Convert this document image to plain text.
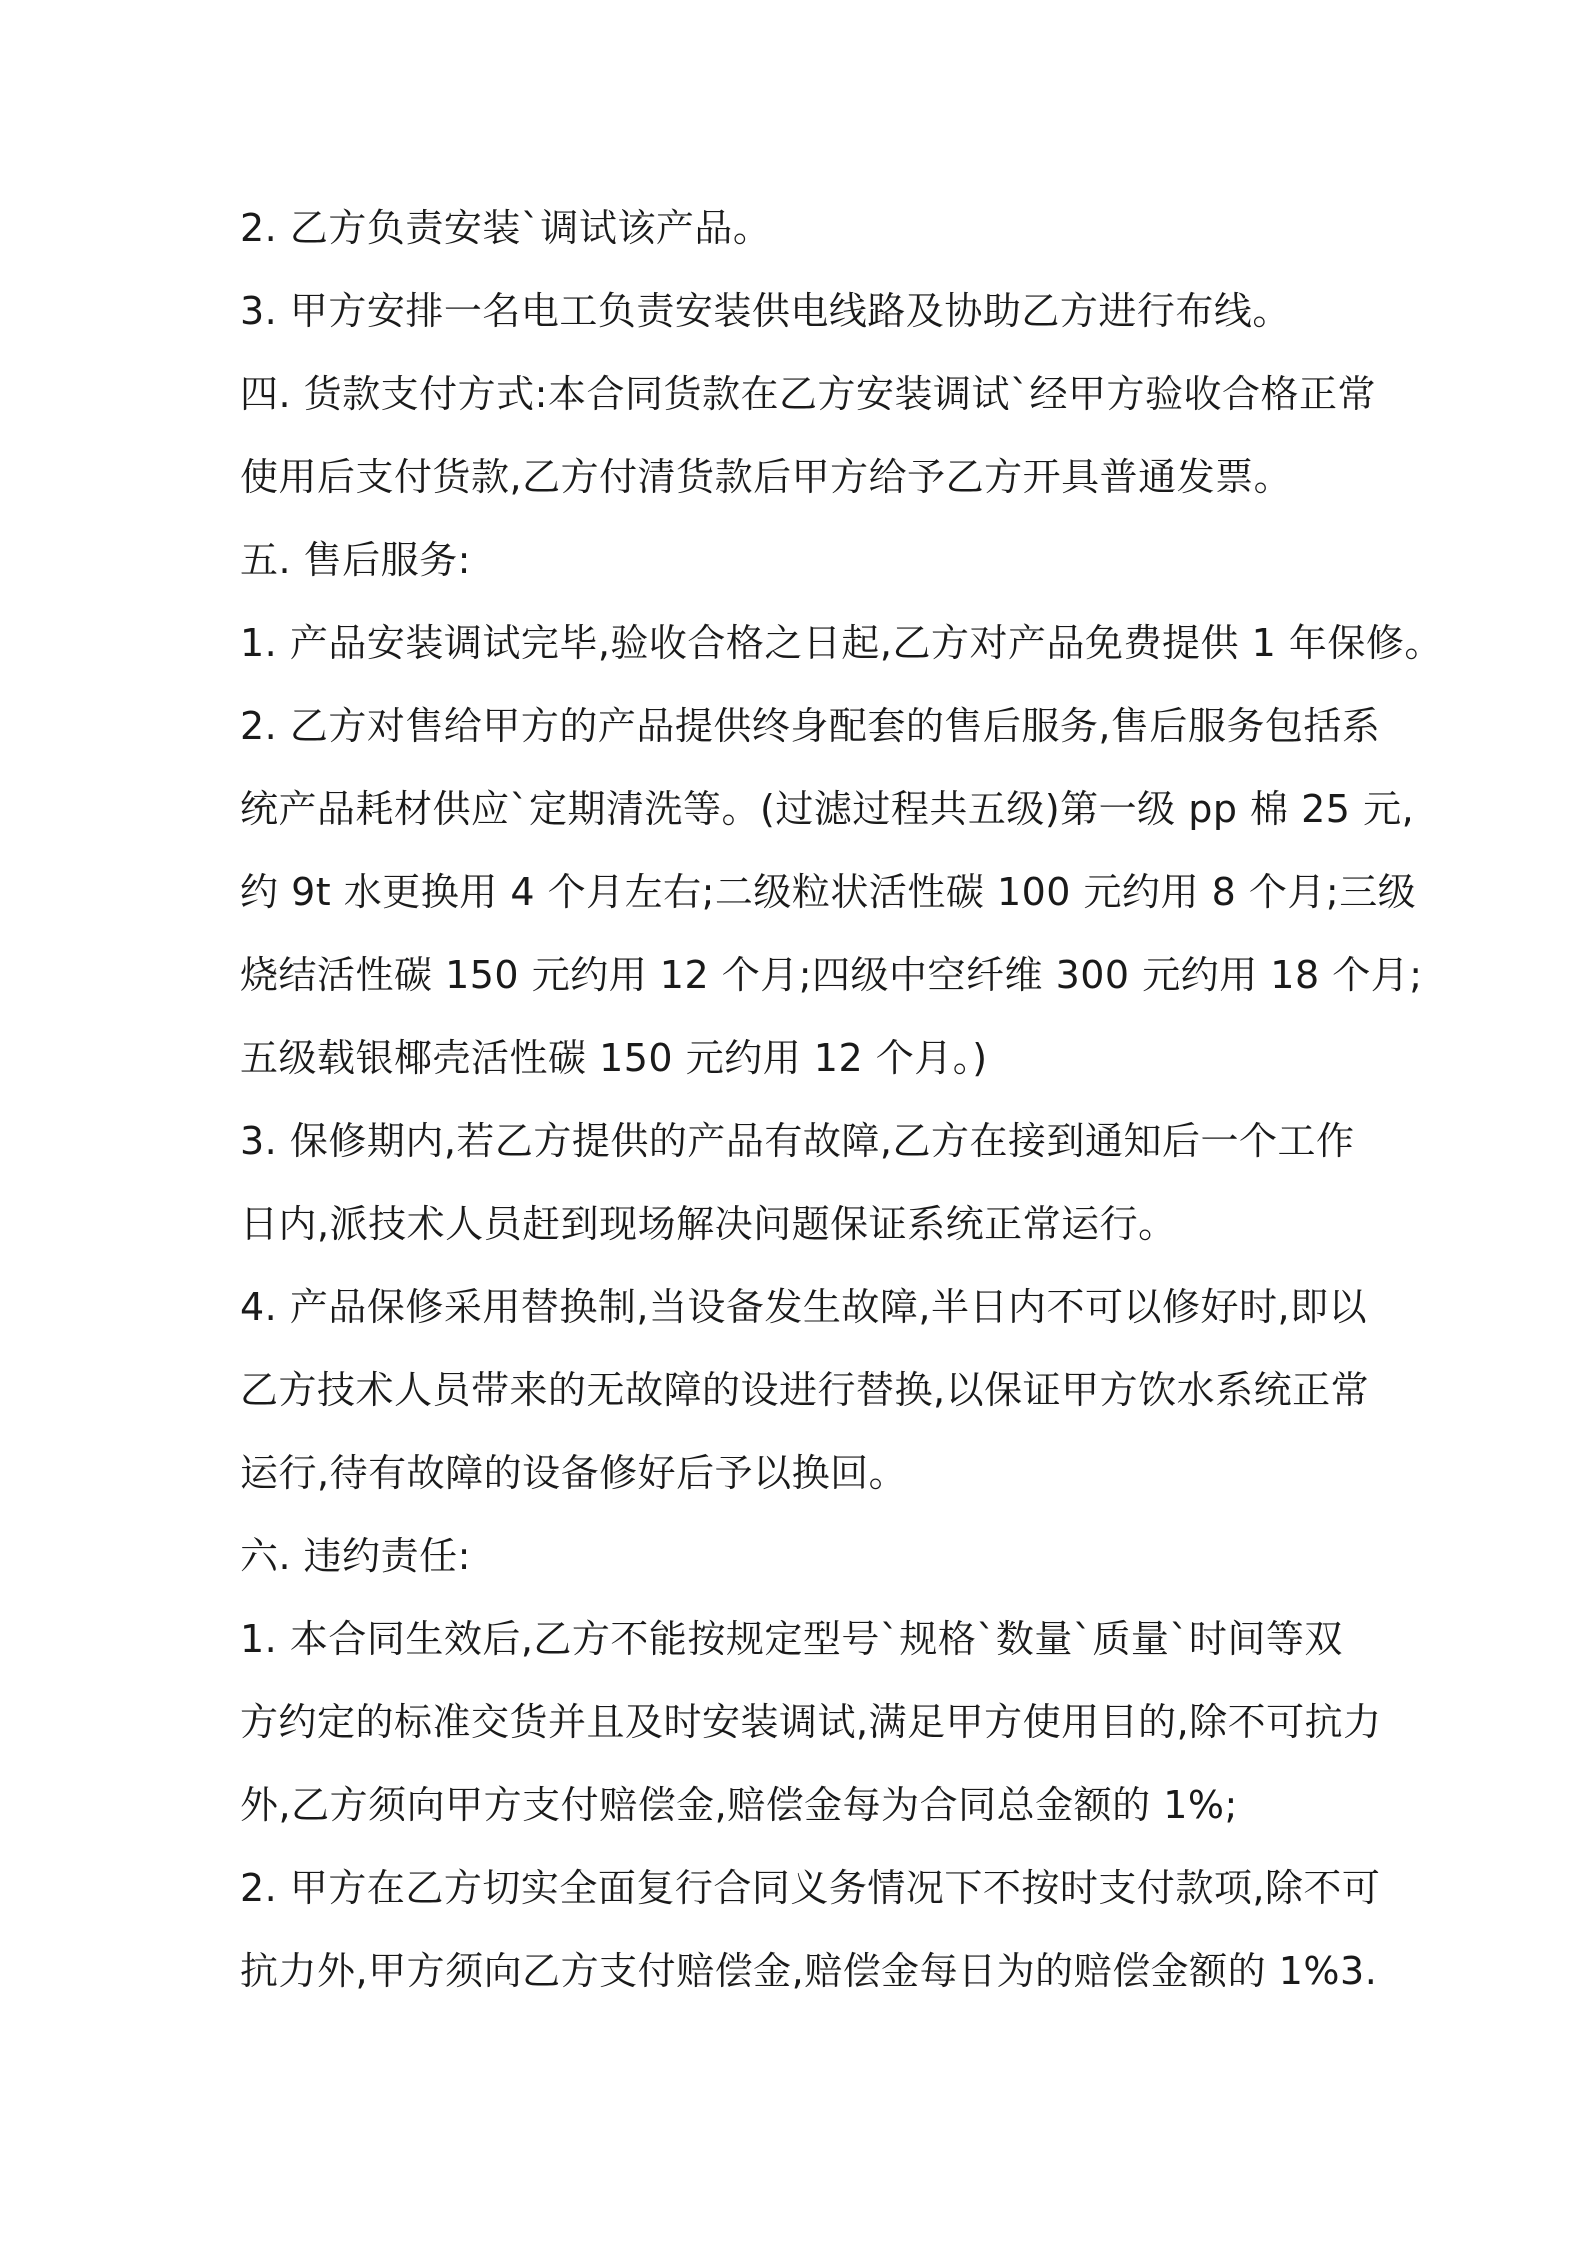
2. 乙方负责安装`调试该产品。
3. 甲方安排一名电工负责安装供电线路及协助乙方进行布线。
四. 货款支付方式:本合同货款在乙方安装调试`经甲方验收合格正常
使用后支付货款,乙方付清货款后甲方给予乙方开具普通发票。
五. 售后服务:
1. 产品安装调试完毕,验收合格之日起,乙方对产品免费提供 1 年保修。
2. 乙方对售给甲方的产品提供终身配套的售后服务,售后服务包括系
统产品耗材供应`定期清洗等。(过滤过程共五级)第一级 pp 棉 25 元,
约 9t 水更换用 4 个月左右;二级粒状活性碳 100 元约用 8 个月;三级
烧结活性碳 150 元约用 12 个月;四级中空纤维 300 元约用 18 个月;
五级载银椰壳活性碳 150 元约用 12 个月。)
3. 保修期内,若乙方提供的产品有故障,乙方在接到通知后一个工作
日内,派技术人员赶到现场解决问题保证系统正常运行。
4. 产品保修采用替换制,当设备发生故障,半日内不可以修好时,即以
乙方技术人员带来的无故障的设进行替换,以保证甲方饮水系统正常
运行,待有故障的设备修好后予以换回。
六. 违约责任:
1. 本合同生效后,乙方不能按规定型号`规格`数量`质量`时间等双
方约定的标准交货并且及时安装调试,满足甲方使用目的,除不可抗力
外,乙方须向甲方支付赔偿金,赔偿金每为合同总金额的 1%;
2. 甲方在乙方切实全面复行合同义务情况下不按时支付款项,除不可
抗力外,甲方须向乙方支付赔偿金,赔偿金每日为的赔偿金额的 1%3.
